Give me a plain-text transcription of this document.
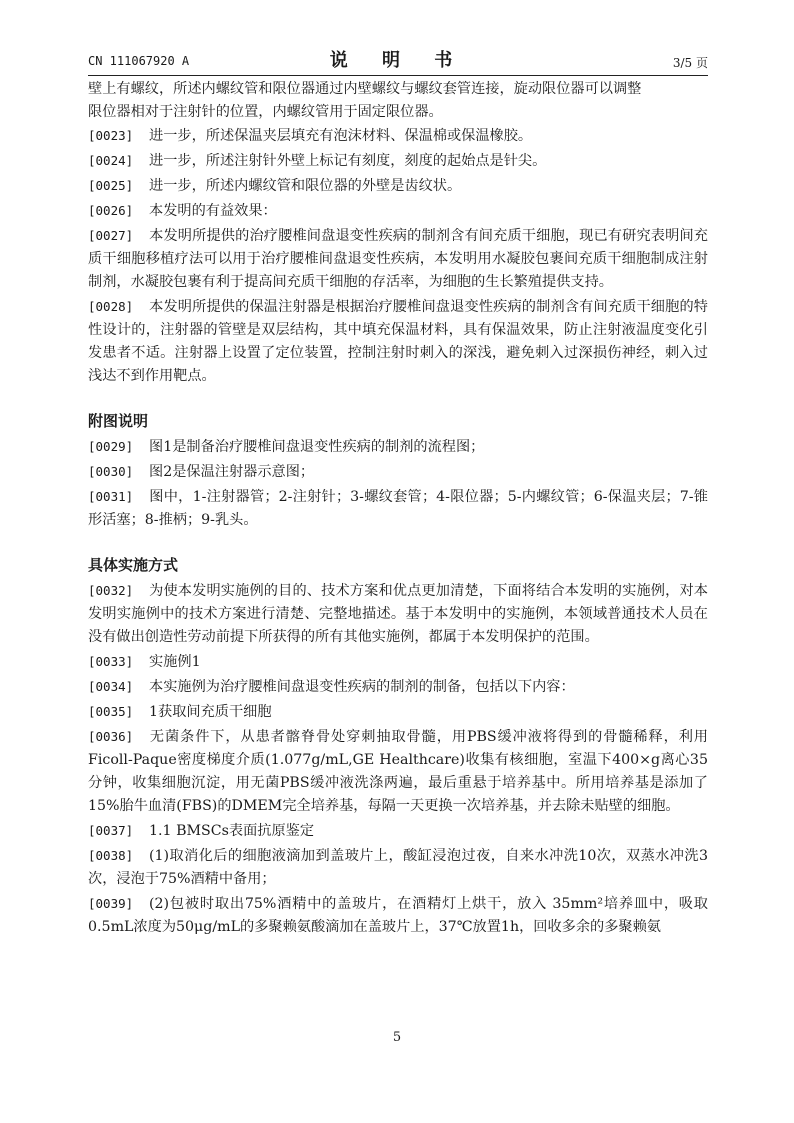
CN 111067920 A	说 明 书	3/5 页

壁上有螺纹，所述内螺纹管和限位器通过内壁螺纹与螺纹套管连接，旋动限位器可以调整

限位器相对于注射针的位置，内螺纹管用于固定限位器。

[0023] 进一步，所述保温夹层填充有泡沫材料、保温棉或保温橡胶。

[0024] 进一步，所述注射针外壁上标记有刻度，刻度的起始点是针尖。

[0025] 进一步，所述内螺纹管和限位器的外壁是齿纹状。

[0026] 本发明的有益效果：

[0027] 本发明所提供的治疗腰椎间盘退变性疾病的制剂含有间充质干细胞，现已有研究表明间充质干细胞移植疗法可以用于治疗腰椎间盘退变性疾病，本发明用水凝胶包裹间充质干细胞制成注射制剂，水凝胶包裹有利于提高间充质干细胞的存活率，为细胞的生长繁殖提供支持。

[0028] 本发明所提供的保温注射器是根据治疗腰椎间盘退变性疾病的制剂含有间充质干细胞的特性设计的，注射器的管壁是双层结构，其中填充保温材料，具有保温效果，防止注射液温度变化引发患者不适。注射器上设置了定位装置，控制注射时刺入的深浅，避免刺入过深损伤神经，刺入过浅达不到作用靶点。

附图说明

[0029] 图1是制备治疗腰椎间盘退变性疾病的制剂的流程图；

[0030] 图2是保温注射器示意图；

[0031] 图中，1-注射器管；2-注射针；3-螺纹套管；4-限位器；5-内螺纹管；6-保温夹层；7-锥形活塞；8-推柄；9-乳头。

具体实施方式

[0032] 为使本发明实施例的目的、技术方案和优点更加清楚，下面将结合本发明的实施例，对本发明实施例中的技术方案进行清楚、完整地描述。基于本发明中的实施例，本领域普通技术人员在没有做出创造性劳动前提下所获得的所有其他实施例，都属于本发明保护的范围。

[0033] 实施例1

[0034] 本实施例为治疗腰椎间盘退变性疾病的制剂的制备，包括以下内容：

[0035] 1获取间充质干细胞

[0036] 无菌条件下，从患者髂脊骨处穿刺抽取骨髓，用PBS缓冲液将得到的骨髓稀释，利用Ficoll-Paque密度梯度介质(1.077g/mL,GE Healthcare)收集有核细胞，室温下400×g离心35分钟，收集细胞沉淀，用无菌PBS缓冲液洗涤两遍，最后重悬于培养基中。所用培养基是添加了15%胎牛血清(FBS)的DMEM完全培养基，每隔一天更换一次培养基，并去除未贴壁的细胞。

[0037] 1.1 BMSCs表面抗原鉴定

[0038] (1)取消化后的细胞液滴加到盖玻片上，酸缸浸泡过夜，自来水冲洗10次，双蒸水冲洗3次，浸泡于75%酒精中备用；

[0039] (2)包被时取出75%酒精中的盖玻片，在酒精灯上烘干，放入 35mm²培养皿中，吸取0.5mL浓度为50μg/mL的多聚赖氨酸滴加在盖玻片上，37℃放置1h，回收多余的多聚赖氨

5
